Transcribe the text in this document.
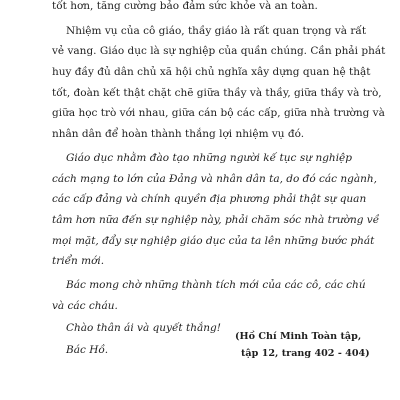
tốt hơn, tăng cường bảo đảm sức khỏe và an toàn.
Nhiệm vụ của cô giáo, thầy giáo là rất quan trọng và rất
vẻ vang. Giáo dục là sự nghiệp của quần chúng. Cần phải phát
huy đầy đủ dân chủ xã hội chủ nghĩa xây dựng quan hệ thật
tốt, đoàn kết thật chặt chẽ giữa thầy và thầy, giữa thầy và trò,
giữa học trò với nhau, giữa cán bộ các cấp, giữa nhà trường và
nhân dân để hoàn thành thắng lợi nhiệm vụ đó.
Giáo dục nhằm đào tạo những người kế tục sự nghiệp
cách mạng to lớn của Đảng và nhân dân ta, do đó các ngành,
các cấp đảng và chính quyền địa phương phải thật sự quan
tâm hơn nữa đến sự nghiệp này, phải chăm sóc nhà trường về
mọi mặt, đẩy sự nghiệp giáo dục của ta lên những bước phát
triển mới.
Bác mong chờ những thành tích mới của các cô, các chú
và các cháu.
Chào thân ái và quyết thắng!
Bác Hồ.
(Hồ Chí Minh Toàn tập,
tập 12, trang 402 - 404)
